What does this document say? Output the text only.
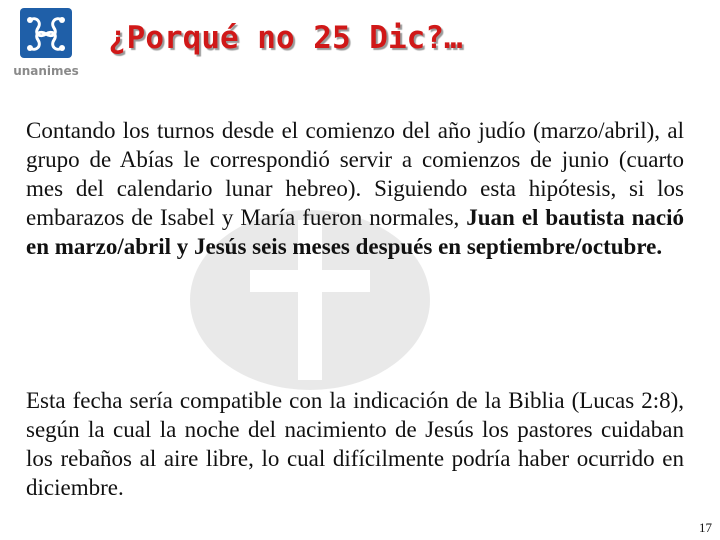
unanimes
¿Porqué no 25 Dic?…

Contando los turnos desde el comienzo del año judío (marzo/abril), al grupo de Abías le correspondió servir a comienzos de junio (cuarto mes del calendario lunar hebreo). Siguiendo esta hipótesis, si los embarazos de Isabel y María fueron normales, Juan el bautista nació en marzo/abril y Jesús seis meses después en septiembre/octubre.

Esta fecha sería compatible con la indicación de la Biblia (Lucas 2:8), según la cual la noche del nacimiento de Jesús los pastores cuidaban los rebaños al aire libre, lo cual difícilmente podría haber ocurrido en diciembre.

17
